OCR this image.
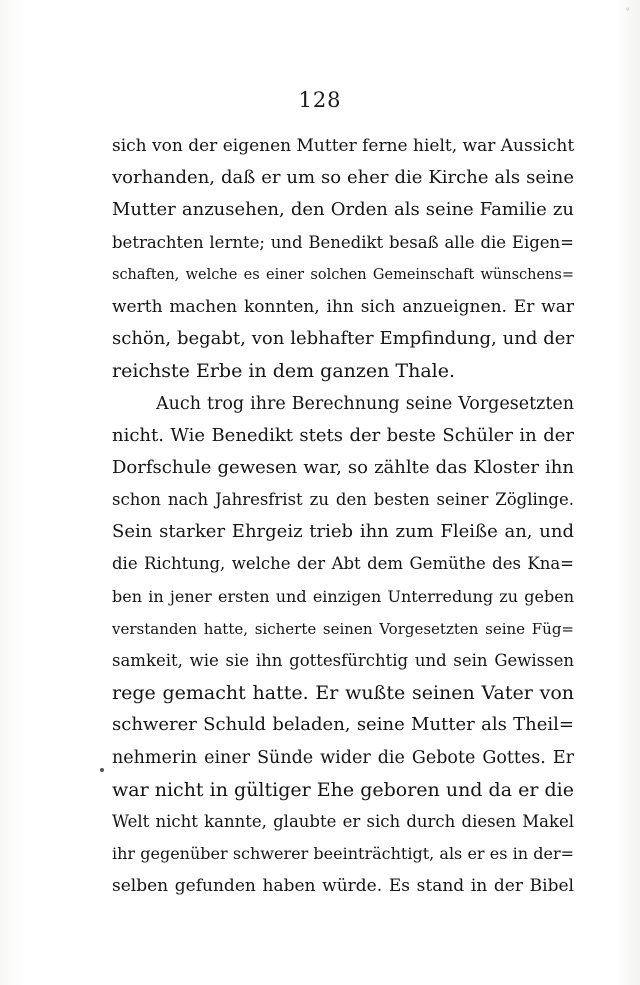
ᵛ
128
sich von der eigenen Mutter ferne hielt, war Aussicht
vorhanden, daß er um so eher die Kirche als seine
Mutter anzusehen, den Orden als seine Familie zu
betrachten lernte; und Benedikt besaß alle die Eigen=
schaften, welche es einer solchen Gemeinschaft wünschens=
werth machen konnten, ihn sich anzueignen. Er war
schön, begabt, von lebhafter Empfindung, und der
reichste Erbe in dem ganzen Thale.
Auch trog ihre Berechnung seine Vorgesetzten
nicht. Wie Benedikt stets der beste Schüler in der
Dorfschule gewesen war, so zählte das Kloster ihn
schon nach Jahresfrist zu den besten seiner Zöglinge.
Sein starker Ehrgeiz trieb ihn zum Fleiße an, und
die Richtung, welche der Abt dem Gemüthe des Kna=
ben in jener ersten und einzigen Unterredung zu geben
verstanden hatte, sicherte seinen Vorgesetzten seine Füg=
samkeit, wie sie ihn gottesfürchtig und sein Gewissen
rege gemacht hatte. Er wußte seinen Vater von
schwerer Schuld beladen, seine Mutter als Theil=
nehmerin einer Sünde wider die Gebote Gottes. Er
war nicht in gültiger Ehe geboren und da er die
Welt nicht kannte, glaubte er sich durch diesen Makel
ihr gegenüber schwerer beeinträchtigt, als er es in der=
selben gefunden haben würde. Es stand in der Bibel
